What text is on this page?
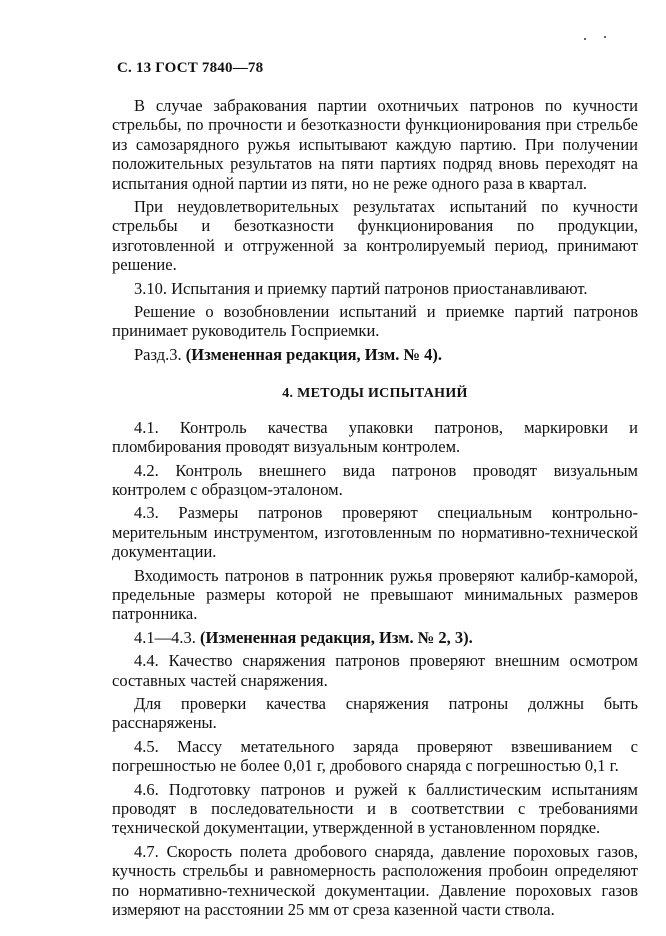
С. 13 ГОСТ 7840—78

В случае забракования партии охотничьих патронов по кучности стрельбы, по прочности и безотказности функционирования при стрельбе из самозарядного ружья испытывают каждую партию. При получении положительных результатов на пяти партиях подряд вновь переходят на испытания одной партии из пяти, но не реже одного раза в квартал.

При неудовлетворительных результатах испытаний по кучности стрельбы и безотказности функционирования по продукции, изготовленной и отгруженной за контролируемый период, принимают решение.

3.10. Испытания и приемку партий патронов приостанавливают.

Решение о возобновлении испытаний и приемке партий патронов принимает руководитель Госприемки.

Разд.3. (Измененная редакция, Изм. № 4).

4. МЕТОДЫ ИСПЫТАНИЙ

4.1. Контроль качества упаковки патронов, маркировки и пломбирования проводят визуальным контролем.

4.2. Контроль внешнего вида патронов проводят визуальным контролем с образцом-эталоном.

4.3. Размеры патронов проверяют специальным контрольно-мерительным инструментом, изготовленным по нормативно-технической документации.

Входимость патронов в патронник ружья проверяют калибр-каморой, предельные размеры которой не превышают минимальных размеров патронника.

4.1—4.3. (Измененная редакция, Изм. № 2, 3).

4.4. Качество снаряжения патронов проверяют внешним осмотром составных частей снаряжения.

Для проверки качества снаряжения патроны должны быть расснаряжены.

4.5. Массу метательного заряда проверяют взвешиванием с погрешностью не более 0,01 г, дробового снаряда с погрешностью 0,1 г.

4.6. Подготовку патронов и ружей к баллистическим испытаниям проводят в последовательности и в соответствии с требованиями технической документации, утвержденной в установленном порядке.

4.7. Скорость полета дробового снаряда, давление пороховых газов, кучность стрельбы и равномерность расположения пробоин определяют по нормативно-технической документации. Давление пороховых газов измеряют на расстоянии 25 мм от среза казенной части ствола.
